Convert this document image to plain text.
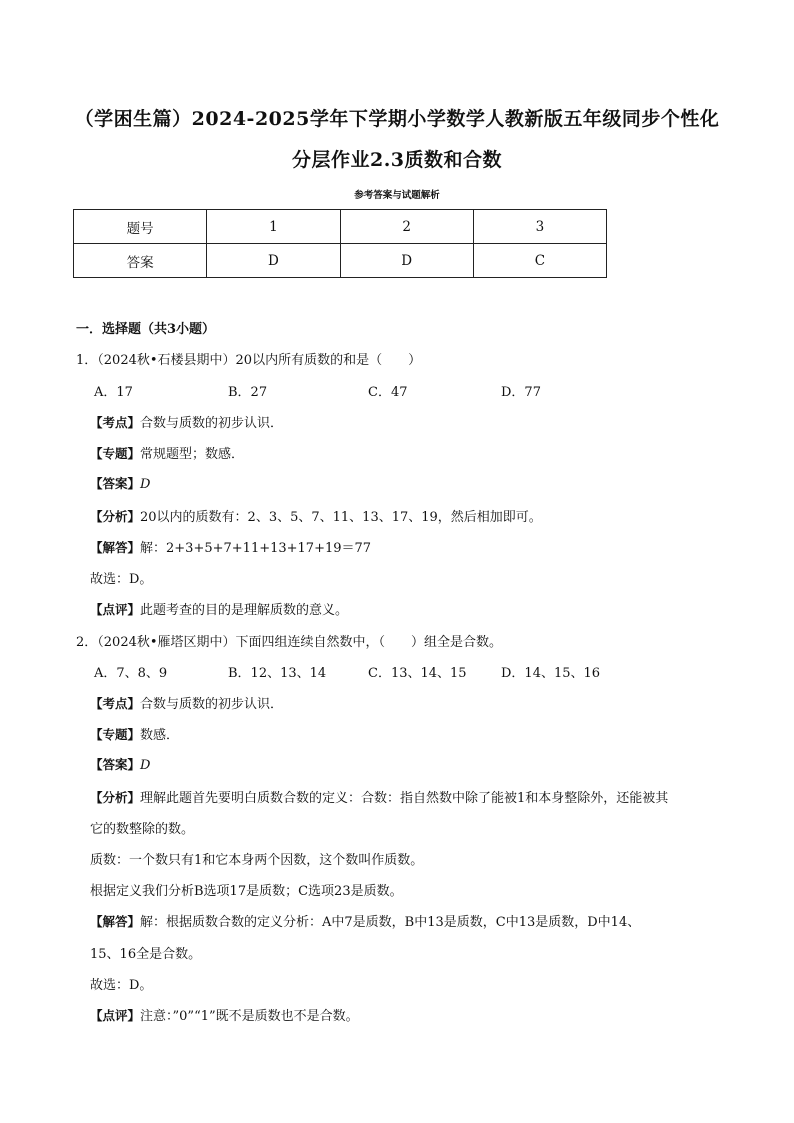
（学困生篇）2024-2025学年下学期小学数学人教新版五年级同步个性化
分层作业2.3质数和合数
参考答案与试题解析
题号	1	2	3
答案	D	D	C
一．选择题（共3小题）
1．（2024秋•石楼县期中）20以内所有质数的和是（　　）
A．17	B．27	C．47	D．77
【考点】合数与质数的初步认识．
【专题】常规题型；数感．
【答案】D
【分析】20以内的质数有：2、3、5、7、11、13、17、19，然后相加即可。
【解答】解：2+3+5+7+11+13+17+19＝77
故选：D。
【点评】此题考查的目的是理解质数的意义。
2．（2024秋•雁塔区期中）下面四组连续自然数中，（　　）组全是合数。
A．7、8、9	B．12、13、14	C．13、14、15	D．14、15、16
【考点】合数与质数的初步认识．
【专题】数感．
【答案】D
【分析】理解此题首先要明白质数合数的定义：合数：指自然数中除了能被1和本身整除外，还能被其
它的数整除的数。
质数：一个数只有1和它本身两个因数，这个数叫作质数。
根据定义我们分析B选项17是质数；C选项23是质数。
【解答】解：根据质数合数的定义分析：A中7是质数，B中13是质数，C中13是质数，D中14、
15、16全是合数。
故选：D。
【点评】注意：”0”“1”既不是质数也不是合数。
